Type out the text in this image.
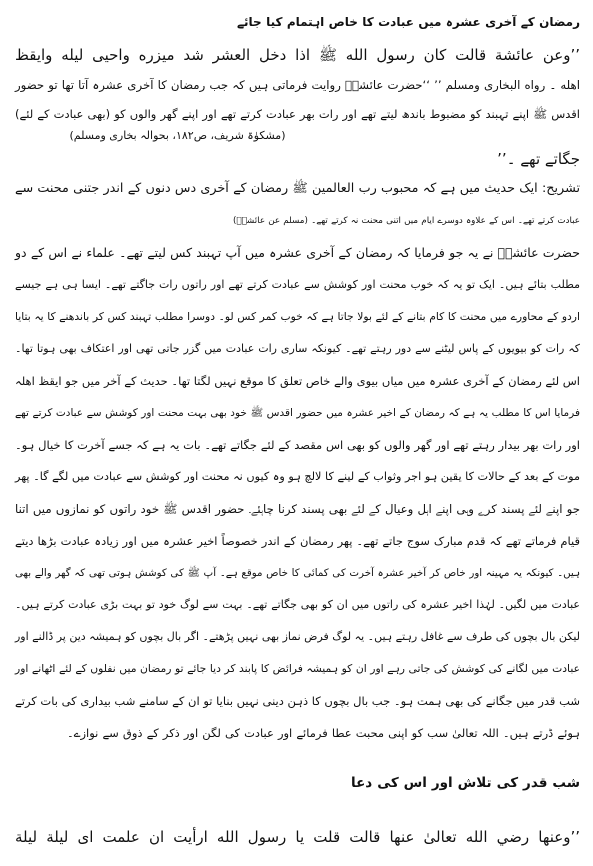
رمضان کے آخری عشرہ میں عبادت کا خاص اہتمام کیا جائے
’’وعن عائشة قالت كان رسول الله ﷺ اذا دخل العشر شد ميزره واحيى ليله وايقظ
اهله ۔ رواه البخاری ومسلم ’’ ‘‘حضرت عائشہؓ روایت فرماتی ہیں کہ جب رمضان کا آخری عشرہ آتا تھا تو حضور
اقدس ﷺ اپنے تہبند کو مضبوط باندھ لیتے تھے اور رات بھر عبادت کرتے تھے اور اپنے گھر والوں کو (بھی عبادت کے لئے)
(مشکوٰۃ شریف، ص۱۸۲، بحوالہ بخاری ومسلم)
جگاتے تھے ۔’’
تشریح: ایک حدیث میں ہے کہ محبوب رب العالمین ﷺ رمضان کے آخری دس دنوں کے اندر جتنی محنت سے
عبادت کرتے تھے۔ اس کے علاوہ دوسرے ایام میں اتنی محنت نہ کرتے تھے۔ (مسلم عن عائشہؓ)
حضرت عائشہؓ نے یہ جو فرمایا کہ رمضان کے آخری عشرہ میں آپ تہبند کس لیتے تھے۔ علماء نے اس کے دو
مطلب بتائے ہیں۔ ایک تو یہ کہ خوب محنت اور کوشش سے عبادت کرتے تھے اور راتوں رات جاگتے تھے۔ ایسا ہی ہے جیسے
اردو کے محاورے میں محنت کا کام بتانے کے لئے بولا جاتا ہے کہ خوب کمر کس لو۔ دوسرا مطلب تہبند کس کر باندھنے کا یہ بتایا
کہ رات کو بیویوں کے پاس لیٹنے سے دور رہتے تھے۔ کیونکہ ساری رات عبادت میں گزر جاتی تھی اور اعتکاف بھی ہوتا تھا۔
اس لئے رمضان کے آخری عشرہ میں میاں بیوی والے خاص تعلق کا موقع نہیں لگتا تھا۔ حدیث کے آخر میں جو ایقظ اھلہ
فرمایا اس کا مطلب یہ ہے کہ رمضان کے اخیر عشرہ میں حضور اقدس ﷺ خود بھی بہت محنت اور کوشش سے عبادت کرتے تھے
اور رات بھر بیدار رہتے تھے اور گھر والوں کو بھی اس مقصد کے لئے جگاتے تھے۔ بات یہ ہے کہ جسے آخرت کا خیال ہو۔
موت کے بعد کے حالات کا یقین ہو اجر وثواب کے لینے کا لالچ ہو وہ کیوں نہ محنت اور کوشش سے عبادت میں لگے گا۔ پھر
جو اپنے لئے پسند کرے وہی اپنے اہل وعیال کے لئے بھی پسند کرنا چاہئے۔ حضور اقدس ﷺ خود راتوں کو نمازوں میں اتنا
قیام فرماتے تھے کہ قدم مبارک سوج جاتے تھے۔ پھر رمضان کے اندر خصوصاً اخیر عشرہ میں اور زیادہ عبادت بڑھا دیتے
ہیں۔ کیونکہ یہ مہینہ اور خاص کر آخیر عشرہ آخرت کی کمائی کا خاص موقع ہے۔ آپ ﷺ کی کوشش ہوتی تھی کہ گھر والے بھی
عبادت میں لگیں۔ لہٰذا اخیر عشرہ کی راتوں میں ان کو بھی جگاتے تھے۔ بہت سے لوگ خود تو بہت بڑی عبادت کرتے ہیں۔
لیکن بال بچوں کی طرف سے غافل رہتے ہیں۔ یہ لوگ فرض نماز بھی نہیں پڑھتے۔ اگر بال بچوں کو ہمیشہ دین پر ڈالنے اور
عبادت میں لگانے کی کوشش کی جاتی رہے اور ان کو ہمیشہ فرائض کا پابند کر دیا جائے تو رمضان میں نفلوں کے لئے اٹھانے اور
شب قدر میں جگانے کی بھی ہمت ہو۔ جب بال بچوں کا ذہن دینی نہیں بنایا تو ان کے سامنے شب بیداری کی بات کرتے
ہوئے ڈرتے ہیں۔ اللہ تعالیٰ سب کو اپنی محبت عطا فرمائے اور عبادت کی لگن اور ذکر کے ذوق سے نوازے۔
شب قدر کی تلاش اور اس کی دعا
’’وعنها رضي الله تعالىٰ عنها قالت قلت يا رسول الله ارأيت ان علمت اى ليلة ليلة
